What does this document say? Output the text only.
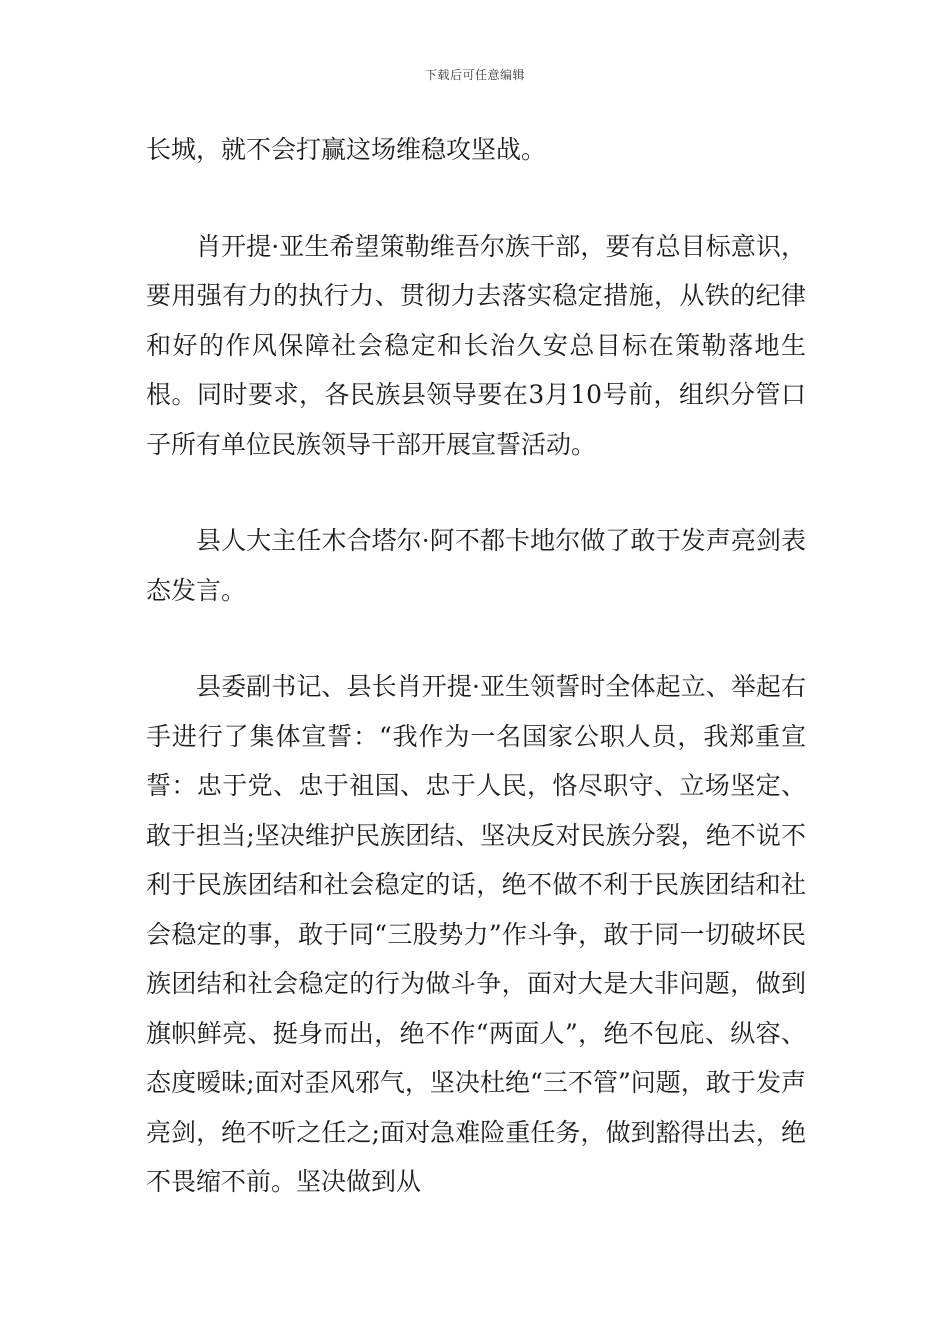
下载后可任意编辑

长城，就不会打赢这场维稳攻坚战。

肖开提·亚生希望策勒维吾尔族干部，要有总目标意识，要用强有力的执行力、贯彻力去落实稳定措施，从铁的纪律和好的作风保障社会稳定和长治久安总目标在策勒落地生根。同时要求，各民族县领导要在3月10号前，组织分管口子所有单位民族领导干部开展宣誓活动。

县人大主任木合塔尔·阿不都卡地尔做了敢于发声亮剑表态发言。

县委副书记、县长肖开提·亚生领誓时全体起立、举起右手进行了集体宣誓：“我作为一名国家公职人员，我郑重宣誓：忠于党、忠于祖国、忠于人民，恪尽职守、立场坚定、敢于担当;坚决维护民族团结、坚决反对民族分裂，绝不说不利于民族团结和社会稳定的话，绝不做不利于民族团结和社会稳定的事，敢于同“三股势力”作斗争，敢于同一切破坏民族团结和社会稳定的行为做斗争，面对大是大非问题，做到旗帜鲜亮、挺身而出，绝不作“两面人”，绝不包庇、纵容、态度暧昧;面对歪风邪气，坚决杜绝“三不管”问题，敢于发声亮剑，绝不听之任之;面对急难险重任务，做到豁得出去，绝不畏缩不前。坚决做到从
